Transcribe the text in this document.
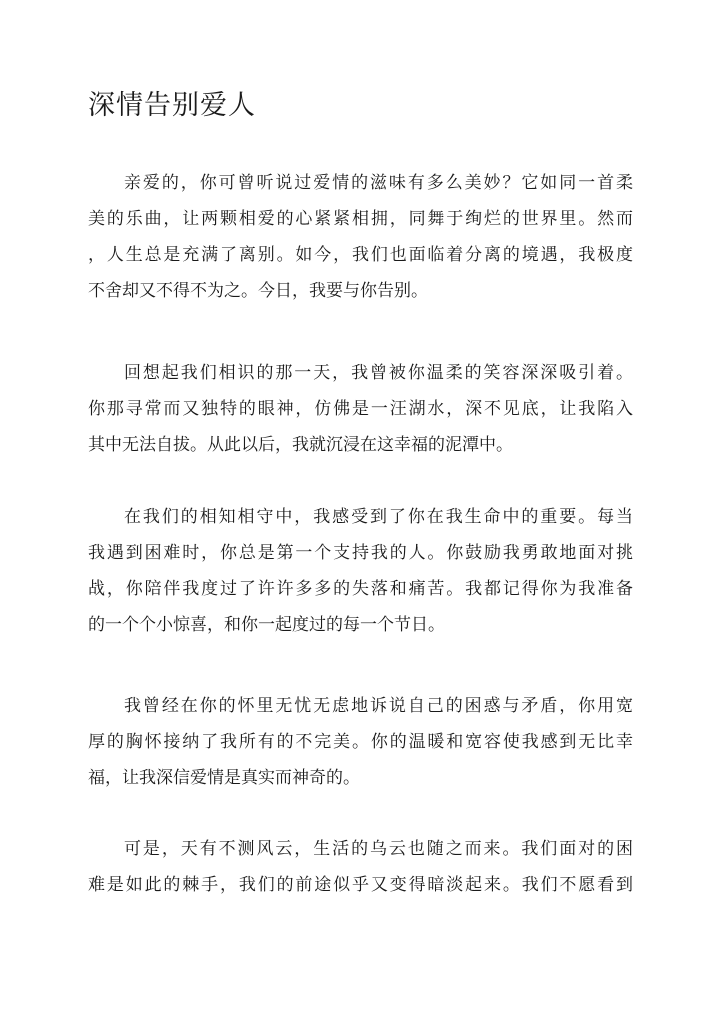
深情告别爱人
亲爱的，你可曾听说过爱情的滋味有多么美妙？它如同一首柔
美的乐曲，让两颗相爱的心紧紧相拥，同舞于绚烂的世界里。然而
，人生总是充满了离别。如今，我们也面临着分离的境遇，我极度
不舍却又不得不为之。今日，我要与你告别。
回想起我们相识的那一天，我曾被你温柔的笑容深深吸引着。
你那寻常而又独特的眼神，仿佛是一汪湖水，深不见底，让我陷入
其中无法自拔。从此以后，我就沉浸在这幸福的泥潭中。
在我们的相知相守中，我感受到了你在我生命中的重要。每当
我遇到困难时，你总是第一个支持我的人。你鼓励我勇敢地面对挑
战，你陪伴我度过了许许多多的失落和痛苦。我都记得你为我准备
的一个个小惊喜，和你一起度过的每一个节日。
我曾经在你的怀里无忧无虑地诉说自己的困惑与矛盾，你用宽
厚的胸怀接纳了我所有的不完美。你的温暖和宽容使我感到无比幸
福，让我深信爱情是真实而神奇的。
可是，天有不测风云，生活的乌云也随之而来。我们面对的困
难是如此的棘手，我们的前途似乎又变得暗淡起来。我们不愿看到
